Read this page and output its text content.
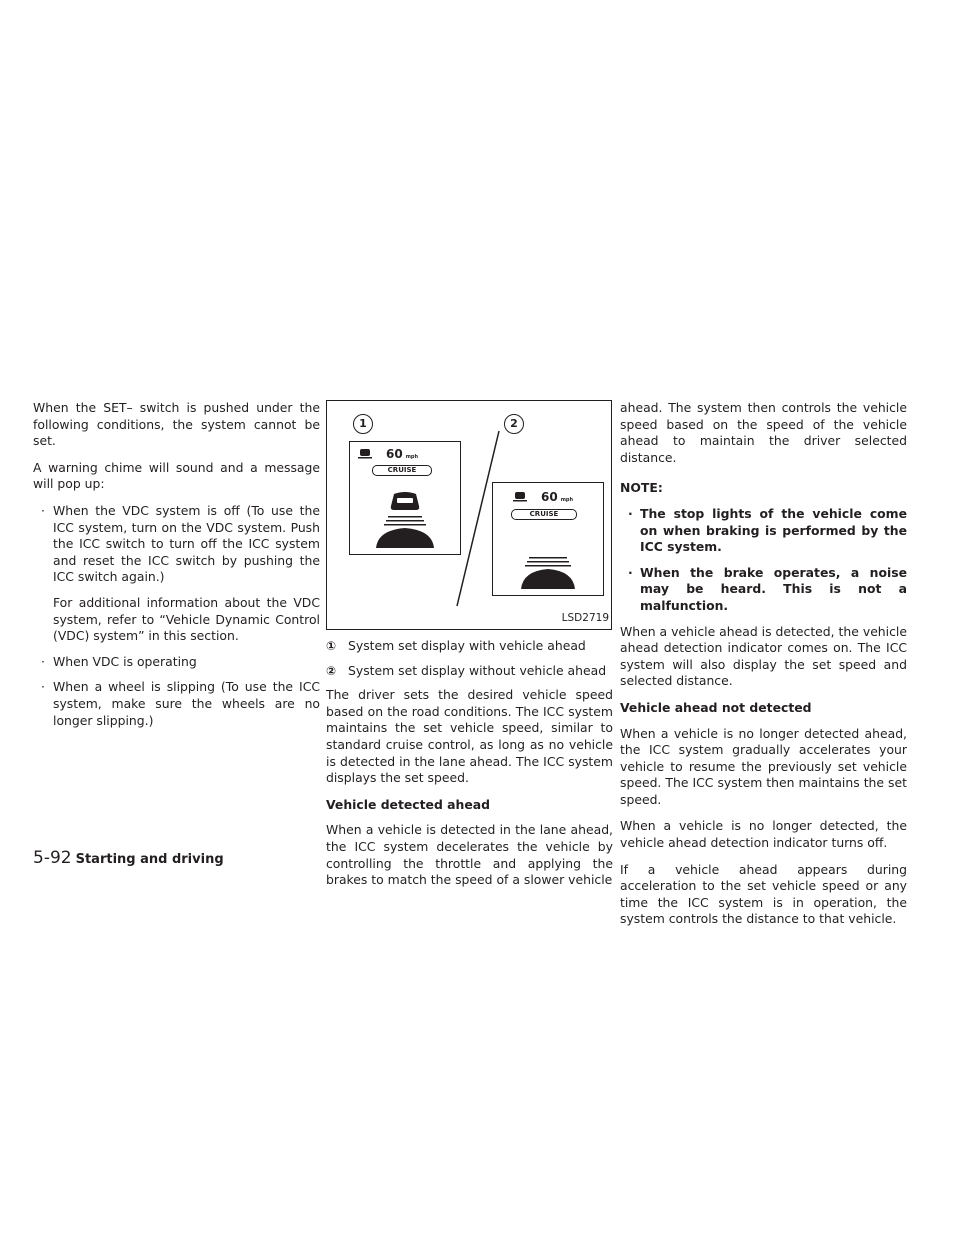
When the SET– switch is pushed under the following conditions, the system cannot be set.

A warning chime will sound and a message will pop up:

· When the VDC system is off (To use the ICC system, turn on the VDC system. Push the ICC switch to turn off the ICC system and reset the ICC switch by pushing the ICC switch again.)
For additional information about the VDC system, refer to “Vehicle Dynamic Control (VDC) system” in this section.
· When VDC is operating
· When a wheel is slipping (To use the ICC system, make sure the wheels are no longer slipping.)
1	2
60 mph
CRUISE
60 mph
CRUISE
LSD2719
① System set display with vehicle ahead
② System set display without vehicle ahead

The driver sets the desired vehicle speed based on the road conditions. The ICC system maintains the set vehicle speed, similar to standard cruise control, as long as no vehicle is detected in the lane ahead. The ICC system displays the set speed.

Vehicle detected ahead

When a vehicle is detected in the lane ahead, the ICC system decelerates the vehicle by controlling the throttle and applying the brakes to match the speed of a slower vehicle

ahead. The system then controls the vehicle speed based on the speed of the vehicle ahead to maintain the driver selected distance.

NOTE:
· The stop lights of the vehicle come on when braking is performed by the ICC system.
· When the brake operates, a noise may be heard. This is not a malfunction.

When a vehicle ahead is detected, the vehicle ahead detection indicator comes on. The ICC system will also display the set speed and selected distance.

Vehicle ahead not detected

When a vehicle is no longer detected ahead, the ICC system gradually accelerates your vehicle to resume the previously set vehicle speed. The ICC system then maintains the set speed.

When a vehicle is no longer detected, the vehicle ahead detection indicator turns off.

If a vehicle ahead appears during acceleration to the set vehicle speed or any time the ICC system is in operation, the system controls the distance to that vehicle.

5-92 Starting and driving
